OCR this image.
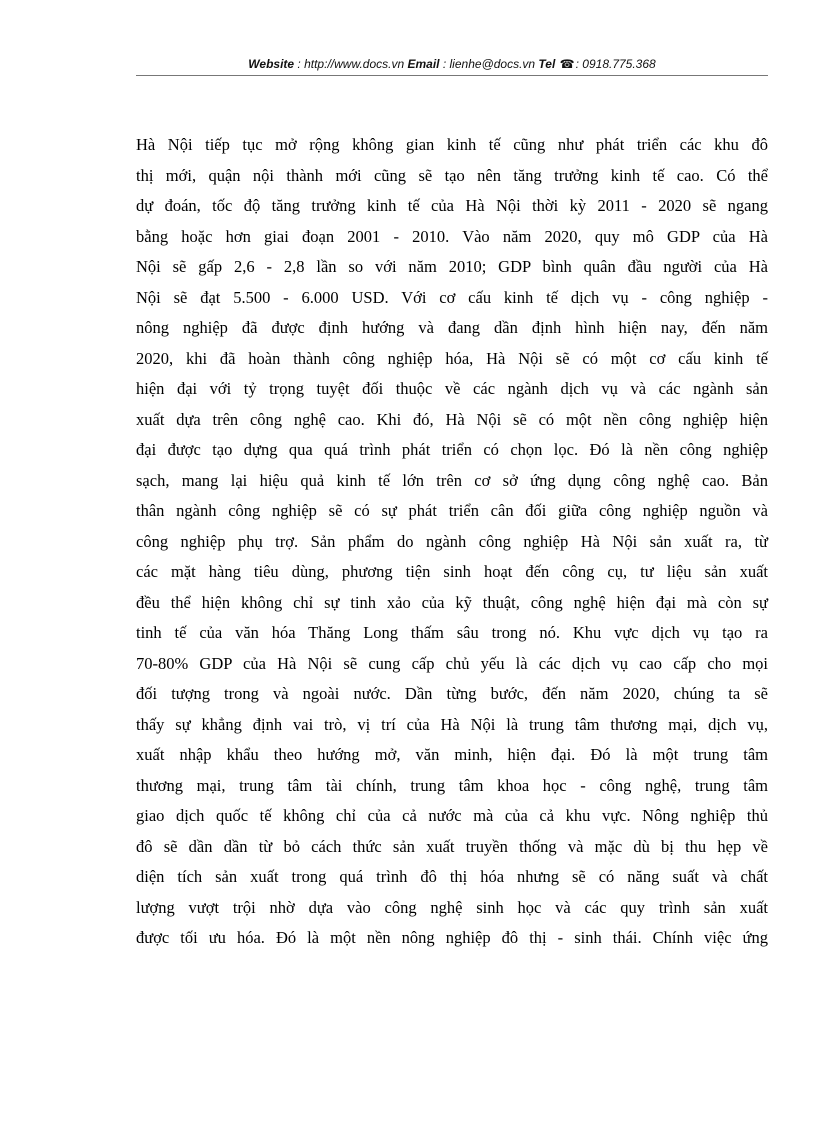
Website : http://www.docs.vn Email : lienhe@docs.vn Tel ☎: 0918.775.368
Hà Nội tiếp tục mở rộng không gian kinh tế cũng như phát triển các khu đô
thị mới, quận nội thành mới cũng sẽ tạo nên tăng trưởng kinh tế cao. Có thể
dự đoán, tốc độ tăng trưởng kinh tế của Hà Nội thời kỳ 2011 - 2020 sẽ ngang
bằng hoặc hơn giai đoạn 2001 - 2010. Vào năm 2020, quy mô GDP của Hà
Nội sẽ gấp 2,6 - 2,8 lần so với năm 2010; GDP bình quân đầu người của Hà
Nội sẽ đạt 5.500 - 6.000 USD. Với cơ cấu kinh tế dịch vụ - công nghiệp -
nông nghiệp đã được định hướng và đang dần định hình hiện nay, đến năm
2020, khi đã hoàn thành công nghiệp hóa, Hà Nội sẽ có một cơ cấu kinh tế
hiện đại với tỷ trọng tuyệt đối thuộc về các ngành dịch vụ và các ngành sản
xuất dựa trên công nghệ cao. Khi đó, Hà Nội sẽ có một nền công nghiệp hiện
đại được tạo dựng qua quá trình phát triển có chọn lọc. Đó là nền công nghiệp
sạch, mang lại hiệu quả kinh tế lớn trên cơ sở ứng dụng công nghệ cao. Bản
thân ngành công nghiệp sẽ có sự phát triển cân đối giữa công nghiệp nguồn và
công nghiệp phụ trợ. Sản phẩm do ngành công nghiệp Hà Nội sản xuất ra, từ
các mặt hàng tiêu dùng, phương tiện sinh hoạt đến công cụ, tư liệu sản xuất
đều thể hiện không chỉ sự tinh xảo của kỹ thuật, công nghệ hiện đại mà còn sự
tinh tế của văn hóa Thăng Long thấm sâu trong nó. Khu vực dịch vụ tạo ra
70-80% GDP của Hà Nội sẽ cung cấp chủ yếu là các dịch vụ cao cấp cho mọi
đối tượng trong và ngoài nước. Dần từng bước, đến năm 2020, chúng ta sẽ
thấy sự khẳng định vai trò, vị trí của Hà Nội là trung tâm thương mại, dịch vụ,
xuất nhập khẩu theo hướng mở, văn minh, hiện đại. Đó là một trung tâm
thương mại, trung tâm tài chính, trung tâm khoa học - công nghệ, trung tâm
giao dịch quốc tế không chỉ của cả nước mà của cả khu vực. Nông nghiệp thủ
đô sẽ dần dần từ bỏ cách thức sản xuất truyền thống và mặc dù bị thu hẹp về
diện tích sản xuất trong quá trình đô thị hóa nhưng sẽ có năng suất và chất
lượng vượt trội nhờ dựa vào công nghệ sinh học và các quy trình sản xuất
được tối ưu hóa. Đó là một nền nông nghiệp đô thị - sinh thái. Chính việc ứng
